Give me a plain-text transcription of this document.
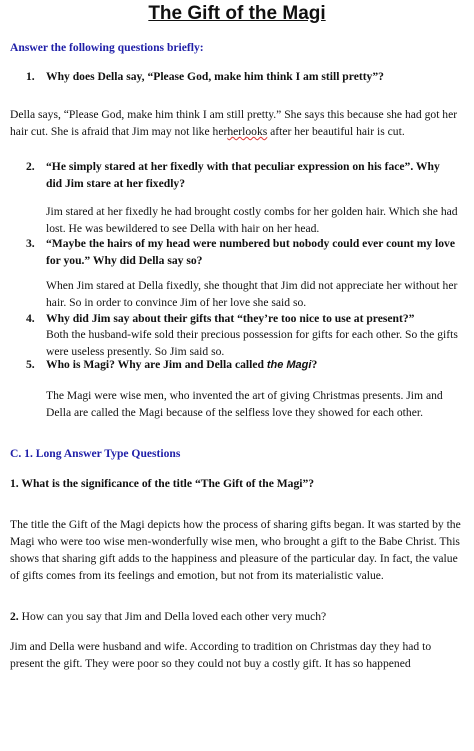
The Gift of the Magi
Answer the following questions briefly:
1. Why does Della say, “Please God, make him think I am still pretty”?
Della says, “Please God, make him think I am still pretty.” She says this because she had got her hair cut. She is afraid that Jim may not like herherlooks after her beautiful hair is cut.
2. “He simply stared at her fixedly with that peculiar expression on his face”. Why did Jim stare at her fixedly?
Jim stared at her fixedly he had brought costly combs for her golden hair. Which she had lost. He was bewildered to see Della with hair on her head.
3. “Maybe the hairs of my head were numbered but nobody could ever count my love for you.” Why did Della say so?
When Jim stared at Della fixedly, she thought that Jim did not appreciate her without her hair. So in order to convince Jim of her love she said so.
4. Why did Jim say about their gifts that “they’re too nice to use at present?”
Both the husband-wife sold their precious possession for gifts for each other. So the gifts were useless presently. So Jim said so.
5. Who is Magi? Why are Jim and Della called the Magi?
The Magi were wise men, who invented the art of giving Christmas presents. Jim and Della are called the Magi because of the selfless love they showed for each other.
C. 1. Long Answer Type Questions
1. What is the significance of the title “The Gift of the Magi”?
The title the Gift of the Magi depicts how the process of sharing gifts began. It was started by the Magi who were too wise men-wonderfully wise men, who brought a gift to the Babe Christ. This shows that sharing gift adds to the happiness and pleasure of the particular day. In fact, the value of gifts comes from its feelings and emotion, but not from its materialistic value.
2. How can you say that Jim and Della loved each other very much?
Jim and Della were husband and wife. According to tradition on Christmas day they had to present the gift. They were poor so they could not buy a costly gift. It has so happened
